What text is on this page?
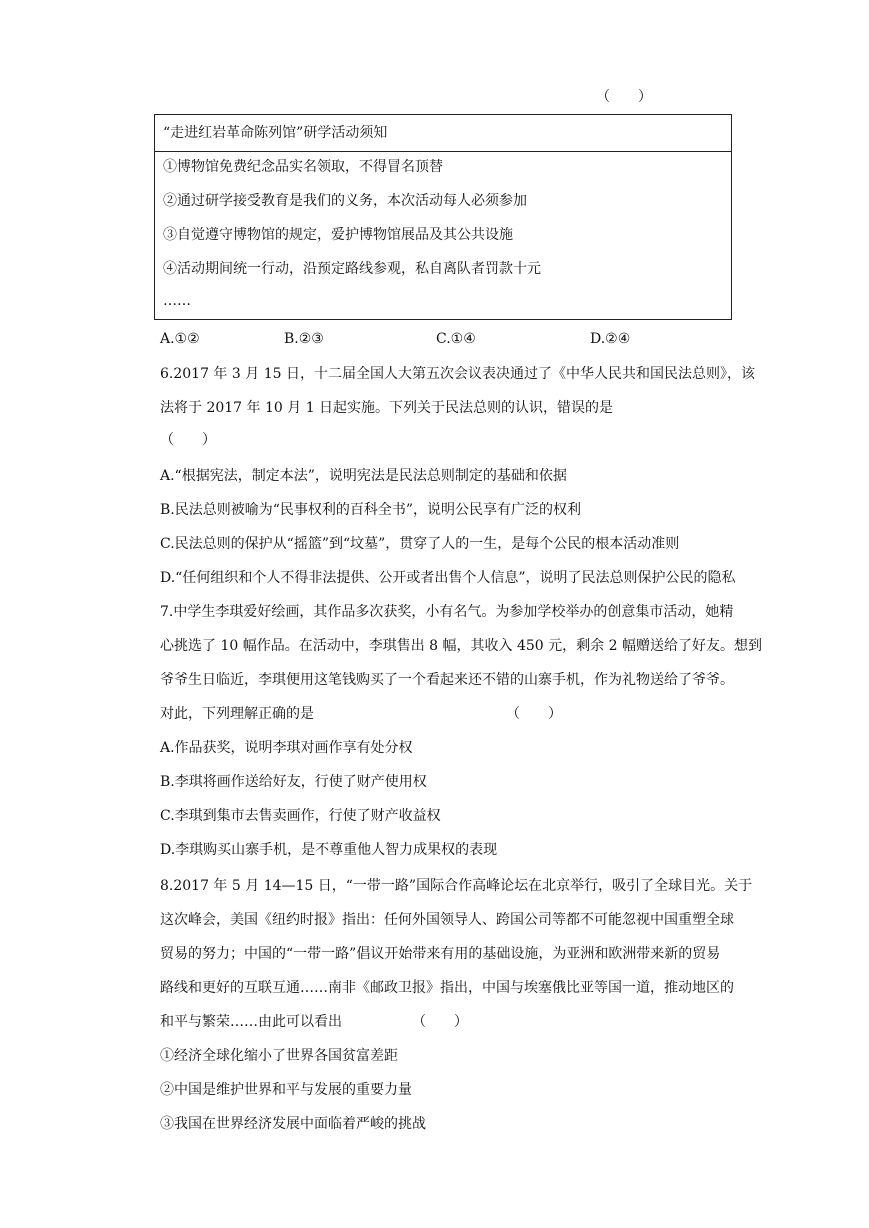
（　　）
“走进红岩革命陈列馆”研学活动须知
①博物馆免费纪念品实名领取，不得冒名顶替
②通过研学接受教育是我们的义务，本次活动每人必须参加
③自觉遵守博物馆的规定，爱护博物馆展品及其公共设施
④活动期间统一行动，沿预定路线参观，私自离队者罚款十元
……
A.①②	B.②③	C.①④	D.②④
6.2017 年 3 月 15 日，十二届全国人大第五次会议表决通过了《中华人民共和国民法总则》，该
法将于 2017 年 10 月 1 日起实施。下列关于民法总则的认识，错误的是
（　　）
A.“根据宪法，制定本法”，说明宪法是民法总则制定的基础和依据
B.民法总则被喻为“民事权利的百科全书”，说明公民享有广泛的权利
C.民法总则的保护从“摇篮”到“坟墓”，贯穿了人的一生，是每个公民的根本活动准则
D.“任何组织和个人不得非法提供、公开或者出售个人信息”，说明了民法总则保护公民的隐私
7.中学生李琪爱好绘画，其作品多次获奖，小有名气。为参加学校举办的创意集市活动，她精
心挑选了 10 幅作品。在活动中，李琪售出 8 幅，其收入 450 元，剩余 2 幅赠送给了好友。想到
爷爷生日临近，李琪便用这笔钱购买了一个看起来还不错的山寨手机，作为礼物送给了爷爷。
对此，下列理解正确的是	（　　）
A.作品获奖，说明李琪对画作享有处分权
B.李琪将画作送给好友，行使了财产使用权
C.李琪到集市去售卖画作，行使了财产收益权
D.李琪购买山寨手机，是不尊重他人智力成果权的表现
8.2017 年 5 月 14—15 日，“一带一路”国际合作高峰论坛在北京举行，吸引了全球目光。关于
这次峰会，美国《纽约时报》指出：任何外国领导人、跨国公司等都不可能忽视中国重塑全球
贸易的努力；中国的“一带一路”倡议开始带来有用的基础设施，为亚洲和欧洲带来新的贸易
路线和更好的互联互通……南非《邮政卫报》指出，中国与埃塞俄比亚等国一道，推动地区的
和平与繁荣……由此可以看出	（　　）
①经济全球化缩小了世界各国贫富差距
②中国是维护世界和平与发展的重要力量
③我国在世界经济发展中面临着严峻的挑战
